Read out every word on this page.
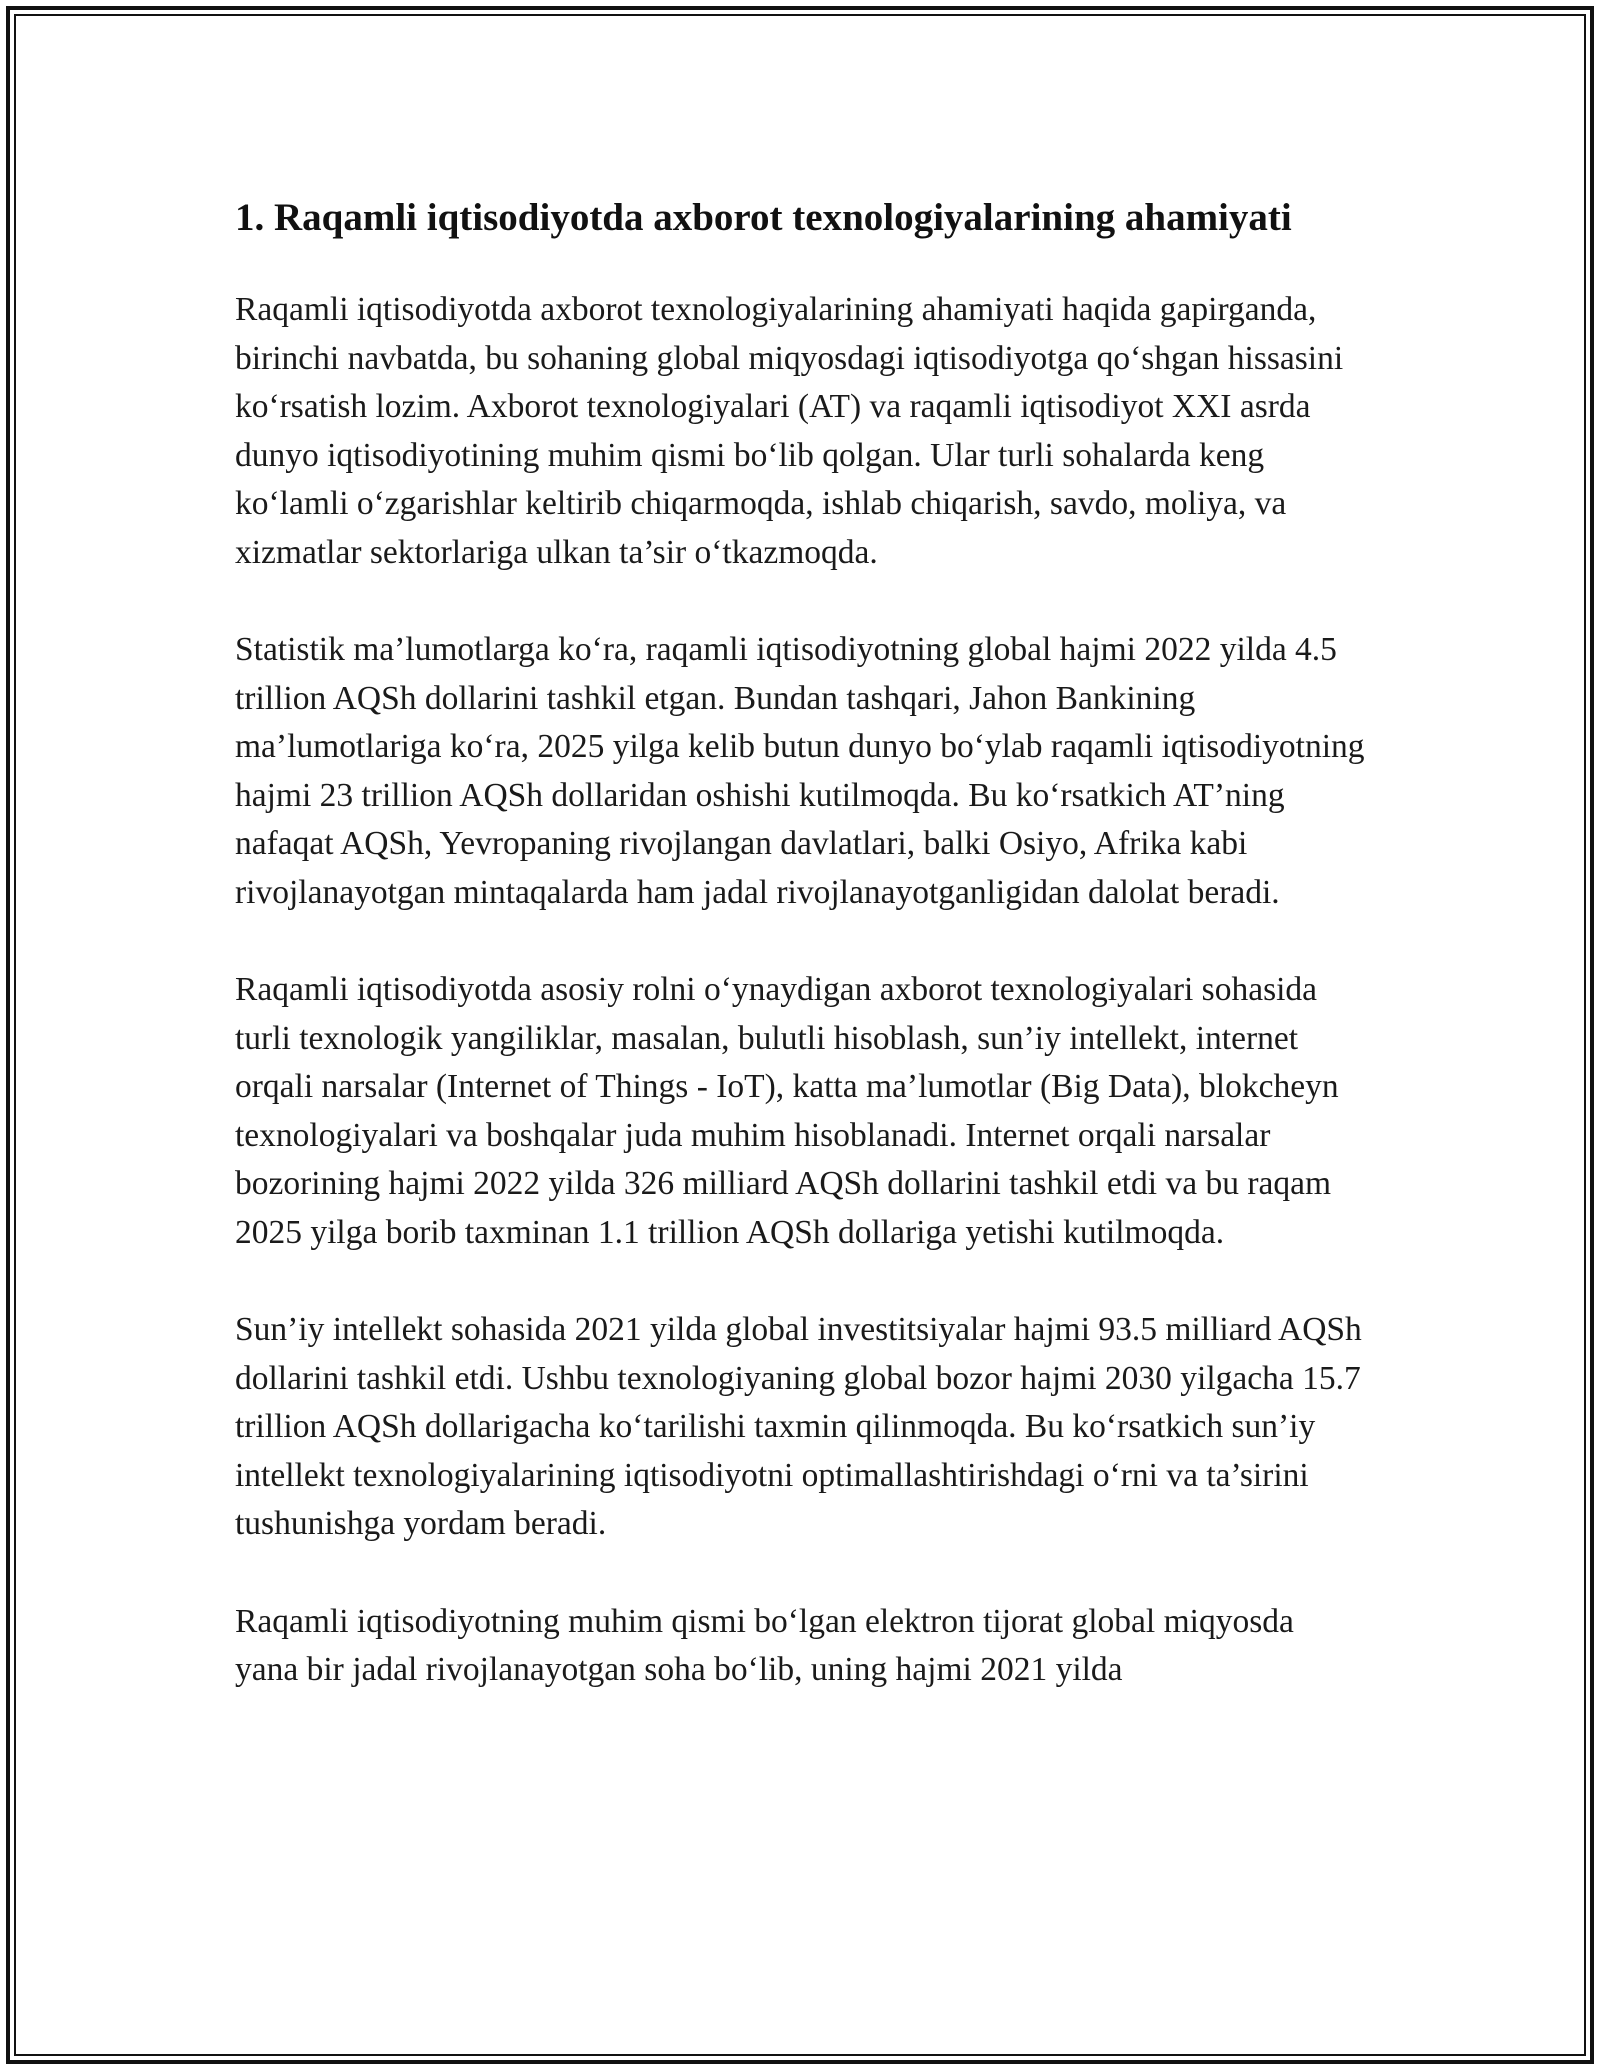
1. Raqamli iqtisodiyotda axborot texnologiyalarining ahamiyati

Raqamli iqtisodiyotda axborot texnologiyalarining ahamiyati haqida gapirganda, birinchi navbatda, bu sohaning global miqyosdagi iqtisodiyotga qo‘shgan hissasini ko‘rsatish lozim. Axborot texnologiyalari (AT) va raqamli iqtisodiyot XXI asrda dunyo iqtisodiyotining muhim qismi bo‘lib qolgan. Ular turli sohalarda keng ko‘lamli o‘zgarishlar keltirib chiqarmoqda, ishlab chiqarish, savdo, moliya, va xizmatlar sektorlariga ulkan ta’sir o‘tkazmoqda.

Statistik ma’lumotlarga ko‘ra, raqamli iqtisodiyotning global hajmi 2022 yilda 4.5 trillion AQSh dollarini tashkil etgan. Bundan tashqari, Jahon Bankining ma’lumotlariga ko‘ra, 2025 yilga kelib butun dunyo bo‘ylab raqamli iqtisodiyotning hajmi 23 trillion AQSh dollaridan oshishi kutilmoqda. Bu ko‘rsatkich AT’ning nafaqat AQSh, Yevropaning rivojlangan davlatlari, balki Osiyo, Afrika kabi rivojlanayotgan mintaqalarda ham jadal rivojlanayotganligidan dalolat beradi.

Raqamli iqtisodiyotda asosiy rolni o‘ynaydigan axborot texnologiyalari sohasida turli texnologik yangiliklar, masalan, bulutli hisoblash, sun’iy intellekt, internet orqali narsalar (Internet of Things - IoT), katta ma’lumotlar (Big Data), blokcheyn texnologiyalari va boshqalar juda muhim hisoblanadi. Internet orqali narsalar bozorining hajmi 2022 yilda 326 milliard AQSh dollarini tashkil etdi va bu raqam 2025 yilga borib taxminan 1.1 trillion AQSh dollariga yetishi kutilmoqda.

Sun’iy intellekt sohasida 2021 yilda global investitsiyalar hajmi 93.5 milliard AQSh dollarini tashkil etdi. Ushbu texnologiyaning global bozor hajmi 2030 yilgacha 15.7 trillion AQSh dollarigacha ko‘tarilishi taxmin qilinmoqda. Bu ko‘rsatkich sun’iy intellekt texnologiyalarining iqtisodiyotni optimallashtirishdagi o‘rni va ta’sirini tushunishga yordam beradi.

Raqamli iqtisodiyotning muhim qismi bo‘lgan elektron tijorat global miqyosda yana bir jadal rivojlanayotgan soha bo‘lib, uning hajmi 2021 yilda
